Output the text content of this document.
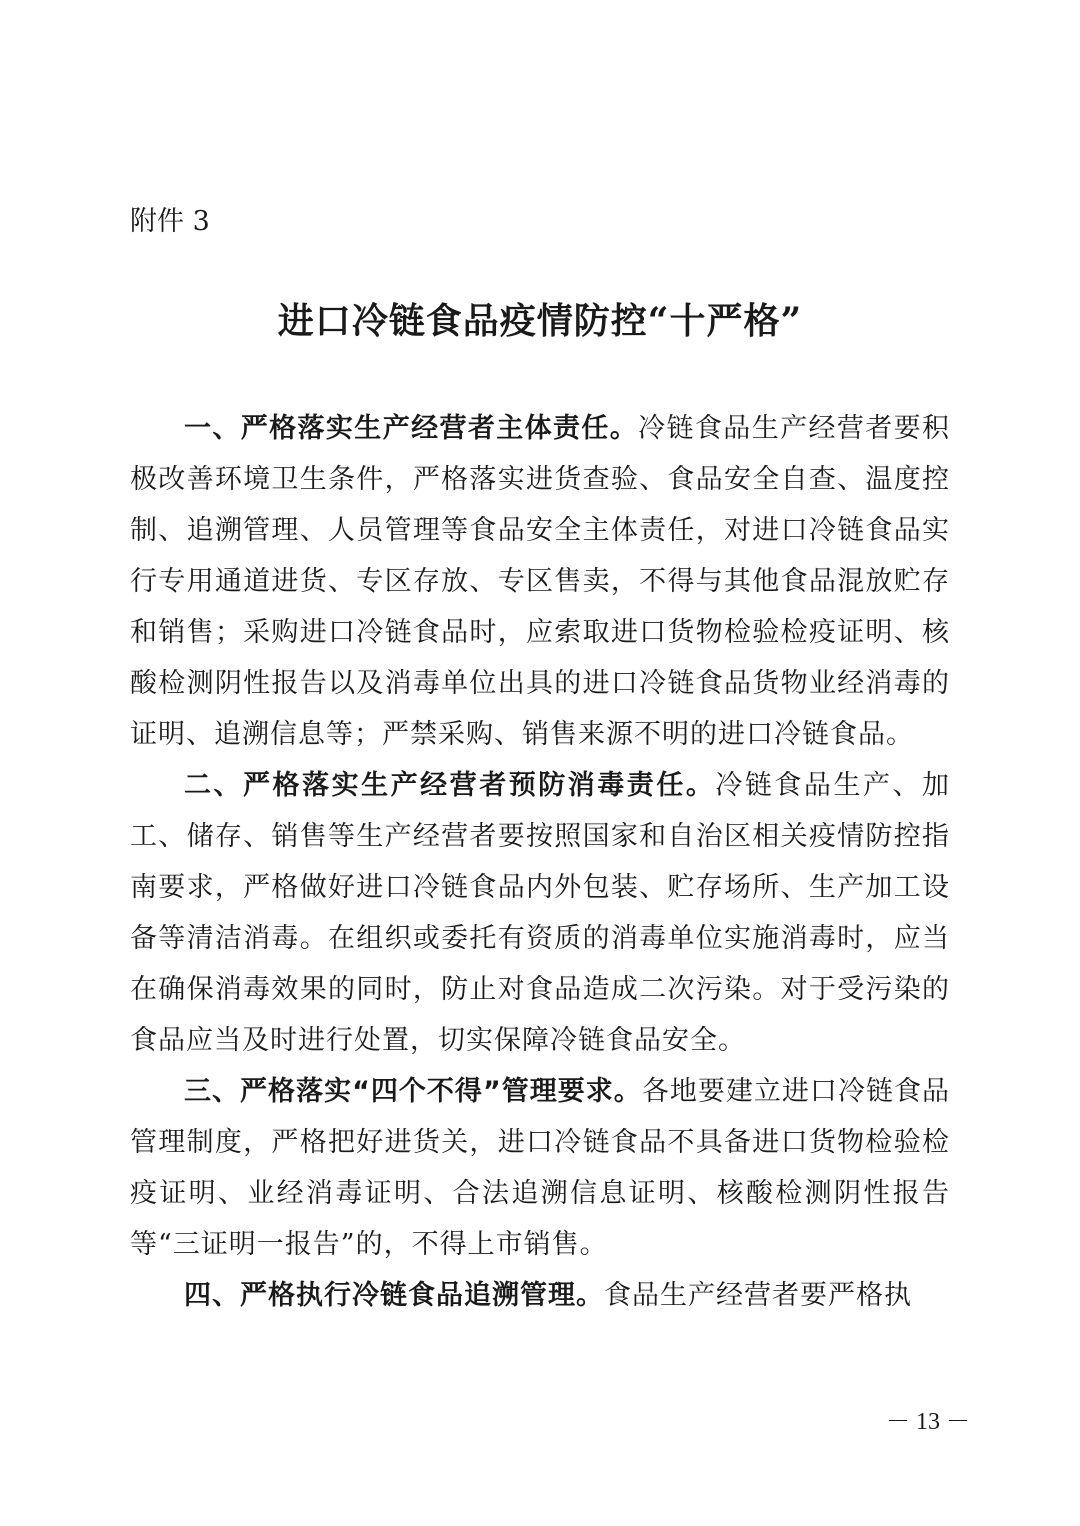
附件 3

进口冷链食品疫情防控“十严格”

一、严格落实生产经营者主体责任。冷链食品生产经营者要积极改善环境卫生条件，严格落实进货查验、食品安全自查、温度控制、追溯管理、人员管理等食品安全主体责任，对进口冷链食品实行专用通道进货、专区存放、专区售卖，不得与其他食品混放贮存和销售；采购进口冷链食品时，应索取进口货物检验检疫证明、核酸检测阴性报告以及消毒单位出具的进口冷链食品货物业经消毒的证明、追溯信息等；严禁采购、销售来源不明的进口冷链食品。

二、严格落实生产经营者预防消毒责任。冷链食品生产、加工、储存、销售等生产经营者要按照国家和自治区相关疫情防控指南要求，严格做好进口冷链食品内外包装、贮存场所、生产加工设备等清洁消毒。在组织或委托有资质的消毒单位实施消毒时，应当在确保消毒效果的同时，防止对食品造成二次污染。对于受污染的食品应当及时进行处置，切实保障冷链食品安全。

三、严格落实“四个不得”管理要求。各地要建立进口冷链食品管理制度，严格把好进货关，进口冷链食品不具备进口货物检验检疫证明、业经消毒证明、合法追溯信息证明、核酸检测阴性报告等“三证明一报告”的，不得上市销售。

四、严格执行冷链食品追溯管理。食品生产经营者要严格执

－ 13 －
